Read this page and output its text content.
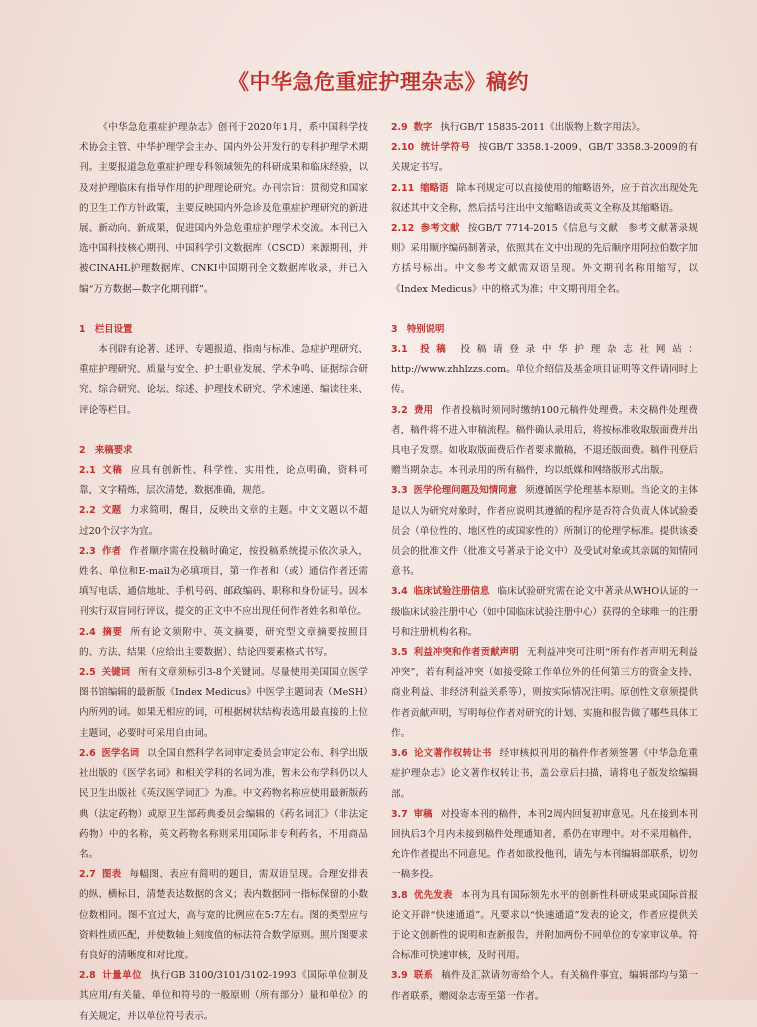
《中华急危重症护理杂志》稿约

《中华急危重症护理杂志》创刊于2020年1月，系中国科学技术协会主管、中华护理学会主办、国内外公开发行的专科护理学术期刊。主要报道急危重症护理专科领域领先的科研成果和临床经验，以及对护理临床有指导作用的护理理论研究。办刊宗旨：贯彻党和国家的卫生工作方针政策，主要反映国内外急诊及危重症护理研究的新进展、新动向、新成果，促进国内外急危重症护理学术交流。本刊已入选中国科技核心期刊、中国科学引文数据库（CSCD）来源期刊，并被CINAHL护理数据库、CNKI中国期刊全文数据库收录，并已入编“万方数据—数字化期刊群”。

1　栏目设置

本刊辟有论著、述评、专题报道、指南与标准、急症护理研究、重症护理研究、质量与安全、护士职业发展、学术争鸣、证据综合研究、综合研究、论坛、综述、护理技术研究、学术速递、编读往来、评论等栏目。

2　来稿要求

2.1 文稿 应具有创新性、科学性、实用性，论点明确，资料可靠，文字精炼，层次清楚，数据准确，规范。

2.2 文题 力求简明，醒目，反映出文章的主题。中文文题以不超过20个汉字为宜。

2.3 作者 作者顺序需在投稿时确定，按投稿系统提示依次录入，姓名、单位和E-mail为必填项目，第一作者和（或）通信作者还需填写电话、通信地址、手机号码、邮政编码、职称和身份证号。因本刊实行双盲同行评议，提交的正文中不应出现任何作者姓名和单位。

2.4 摘要 所有论文须附中、英文摘要，研究型文章摘要按照目的、方法、结果（应给出主要数据）、结论四要素格式书写。

2.5 关键词 所有文章须标引3-8个关键词。尽量使用美国国立医学图书馆编辑的最新版《Index Medicus》中医学主题词表（MeSH）内所列的词。如果无相应的词，可根据树状结构表选用最直接的上位主题词，必要时可采用自由词。

2.6 医学名词 以全国自然科学名词审定委员会审定公布、科学出版社出版的《医学名词》和相关学科的名词为准，暂未公布学科仍以人民卫生出版社《英汉医学词汇》为准。中文药物名称应使用最新版药典（法定药物）或原卫生部药典委员会编辑的《药名词汇》（非法定药物）中的名称，英文药物名称则采用国际非专利药名，不用商品名。

2.7 图表 每幅图、表应有简明的题目，需双语呈现。合理安排表的纵、横标目，清楚表达数据的含义；表内数据同一指标保留的小数位数相同。图不宜过大，高与宽的比例应在5:7左右。图的类型应与资料性质匹配，并使数轴上刻度值的标法符合数学原则。照片图要求有良好的清晰度和对比度。

2.8 计量单位 执行GB 3100/3101/3102-1993《国际单位制及其应用/有关量、单位和符号的一般原则（所有部分）量和单位》的有关规定，并以单位符号表示。

2.9 数字 执行GB/T 15835-2011《出版物上数字用法》。

2.10 统计学符号 按GB/T 3358.1-2009、GB/T 3358.3-2009的有关规定书写。

2.11 缩略语 除本刊规定可以直接使用的缩略语外，应于首次出现处先叙述其中文全称，然后括号注出中文缩略语或英文全称及其缩略语。

2.12 参考文献 按GB/T 7714-2015《信息与文献　参考文献著录规则》采用顺序编码制著录，依照其在文中出现的先后顺序用阿拉伯数字加方括号标出。中文参考文献需双语呈现。外文期刊名称用缩写，以《Index Medicus》中的格式为准；中文期刊用全名。

3　特别说明

3.1 投稿 投稿请登录中华护理杂志社网站：http://www.zhhlzzs.com。单位介绍信及基金项目证明等文件请同时上传。

3.2 费用 作者投稿时须同时缴纳100元稿件处理费。未交稿件处理费者，稿件将不进入审稿流程。稿件确认录用后，将按标准收取版面费并出具电子发票。如收取版面费后作者要求撤稿，不退还版面费。稿件刊登后赠当期杂志。本刊录用的所有稿件，均以纸媒和网络版形式出版。

3.3 医学伦理问题及知情同意 须遵循医学伦理基本原则。当论文的主体是以人为研究对象时，作者应说明其遵循的程序是否符合负责人体试验委员会（单位性的、地区性的或国家性的）所制订的伦理学标准。提供该委员会的批准文件（批准文号著录于论文中）及受试对象或其亲属的知情同意书。

3.4 临床试验注册信息 临床试验研究需在论文中著录从WHO认证的一级临床试验注册中心（如中国临床试验注册中心）获得的全球唯一的注册号和注册机构名称。

3.5 利益冲突和作者贡献声明 无利益冲突可注明“所有作者声明无利益冲突”，若有利益冲突（如接受除工作单位外的任何第三方的资金支持、商业利益、非经济利益关系等），则按实际情况注明。原创性文章须提供作者贡献声明，写明每位作者对研究的计划、实施和报告做了哪些具体工作。

3.6 论文著作权转让书 经审核拟刊用的稿件作者须签署《中华急危重症护理杂志》论文著作权转让书，盖公章后扫描，请将电子版发给编辑部。

3.7 审稿 对投寄本刊的稿件，本刊2周内回复初审意见。凡在接到本刊回执后3个月内未接到稿件处理通知者，系仍在审理中。对不采用稿件，允许作者提出不同意见。作者如欲投他刊，请先与本刊编辑部联系，切勿一稿多投。

3.8 优先发表 本刊为具有国际领先水平的创新性科研成果或国际首报论文开辟“快速通道”。凡要求以“快速通道”发表的论文，作者应提供关于论文创新性的说明和查新报告，并附加两份不同单位的专家审议单。符合标准可快速审核，及时刊用。

3.9 联系 稿件及汇款请勿寄给个人。有关稿件事宜，编辑部均与第一作者联系，赠阅杂志寄至第一作者。
